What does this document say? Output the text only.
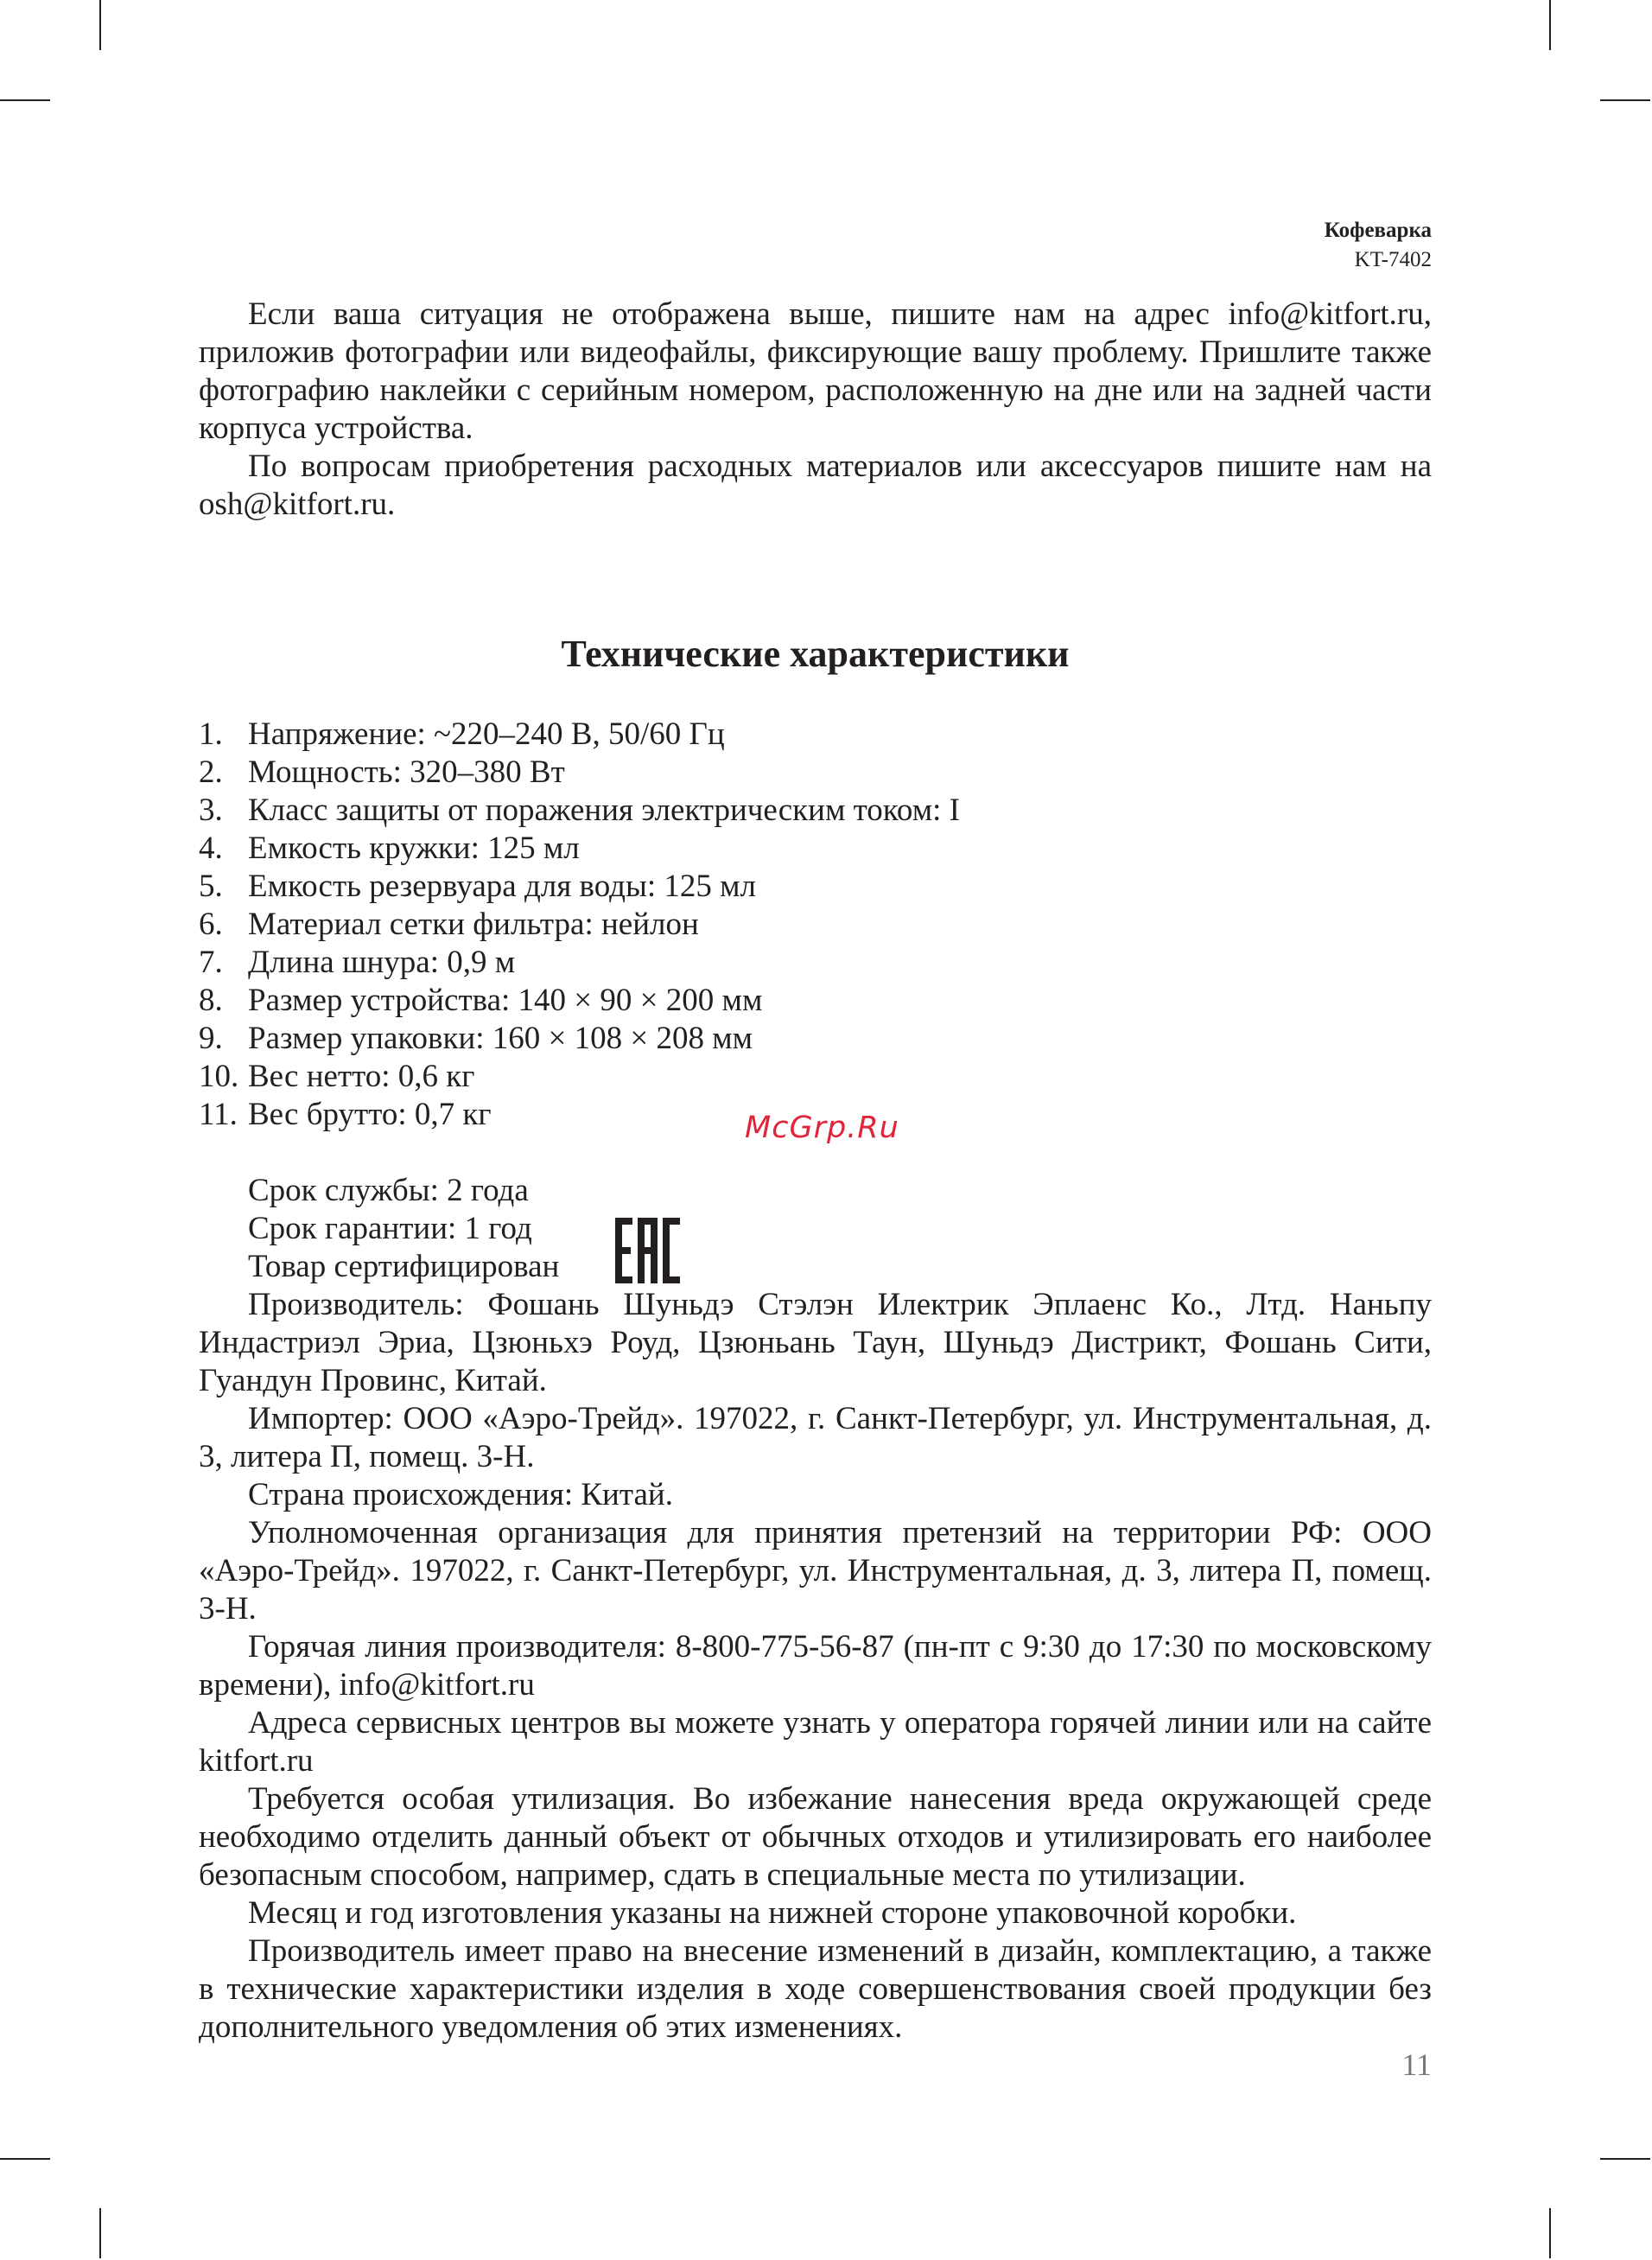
Кофеварка
KT-7402

Если ваша ситуация не отображена выше, пишите нам на адрес info@kitfort.ru, приложив фотографии или видеофайлы, фиксирующие вашу проблему. Пришлите также фотографию наклейки с серийным номером, расположенную на дне или на задней части корпуса устройства.

По вопросам приобретения расходных материалов или аксессуаров пишите нам на osh@kitfort.ru.

Технические характеристики
1. Напряжение: ~220–240 В, 50/60 Гц
2. Мощность: 320–380 Вт
3. Класс защиты от поражения электрическим током: I
4. Емкость кружки: 125 мл
5. Емкость резервуара для воды: 125 мл
6. Материал сетки фильтра: нейлон
7. Длина шнура: 0,9 м
8. Размер устройства: 140 × 90 × 200 мм
9. Размер упаковки: 160 × 108 × 208 мм
10. Вес нетто: 0,6 кг
11. Вес брутто: 0,7 кг	McGrp.Ru
Срок службы: 2 года
Срок гарантии: 1 год
Товар сертифицирован

Производитель: Фошань Шуньдэ Стэлэн Илектрик Эплаенс Ко., Лтд. Наньпу Индастриэл Эриа, Цзюньхэ Роуд, Цзюньань Таун, Шуньдэ Дистрикт, Фошань Сити, Гуандун Провинс, Китай.

Импортер: ООО «Аэро-Трейд». 197022, г. Санкт-Петербург, ул. Инструментальная, д. 3, литера П, помещ. 3-Н.

Страна происхождения: Китай.

Уполномоченная организация для принятия претензий на территории РФ: ООО «Аэро-Трейд». 197022, г. Санкт-Петербург, ул. Инструментальная, д. 3, литера П, помещ. 3-Н.

Горячая линия производителя: 8-800-775-56-87 (пн-пт с 9:30 до 17:30 по московскому времени), info@kitfort.ru

Адреса сервисных центров вы можете узнать у оператора горячей линии или на сайте kitfort.ru

Требуется особая утилизация. Во избежание нанесения вреда окружающей среде необходимо отделить данный объект от обычных отходов и утилизировать его наиболее безопасным способом, например, сдать в специальные места по утилизации.

Месяц и год изготовления указаны на нижней стороне упаковочной коробки.

Производитель имеет право на внесение изменений в дизайн, комплектацию, а также в технические характеристики изделия в ходе совершенствования своей продукции без дополнительного уведомления об этих изменениях.

11
